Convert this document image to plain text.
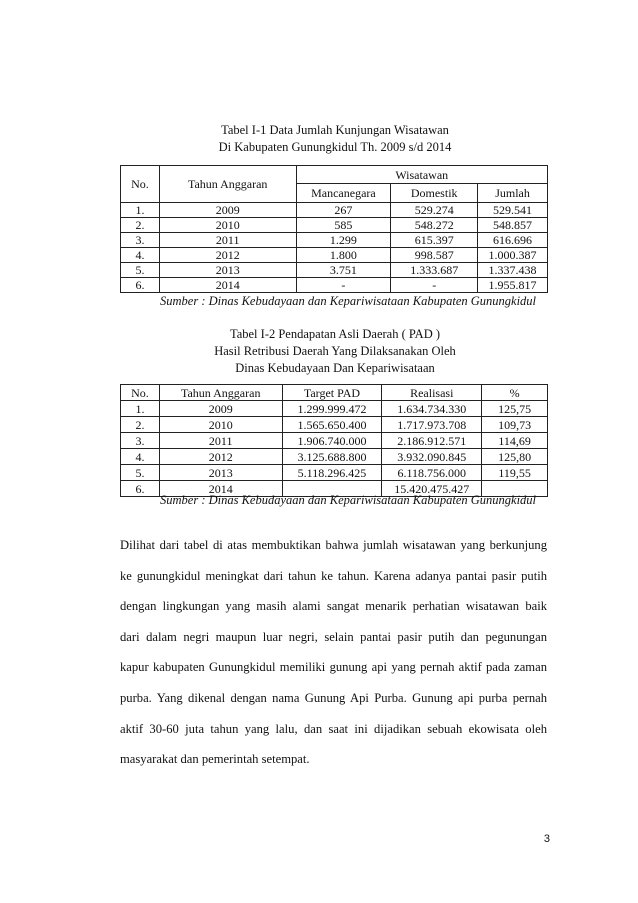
Tabel I-1 Data Jumlah Kunjungan Wisatawan
Di Kabupaten Gunungkidul Th. 2009 s/d 2014
No.	Tahun Anggaran	Wisatawan		
		Mancanegara	Domestik	Jumlah
1.	2009	267	529.274	529.541
2.	2010	585	548.272	548.857
3.	2011	1.299	615.397	616.696
4.	2012	1.800	998.587	1.000.387
5.	2013	3.751	1.333.687	1.337.438
6.	2014	-	-	1.955.817
Sumber : Dinas Kebudayaan dan Kepariwisataan Kabupaten Gunungkidul
Tabel I-2 Pendapatan Asli Daerah ( PAD )
Hasil Retribusi Daerah Yang Dilaksanakan Oleh
Dinas Kebudayaan Dan Kepariwisataan
No.	Tahun Anggaran	Target PAD	Realisasi	%
1.	2009	1.299.999.472	1.634.734.330	125,75
2.	2010	1.565.650.400	1.717.973.708	109,73
3.	2011	1.906.740.000	2.186.912.571	114,69
4.	2012	3.125.688.800	3.932.090.845	125,80
5.	2013	5.118.296.425	6.118.756.000	119,55
6.	2014		15.420.475.427	
Sumber : Dinas Kebudayaan dan Kepariwisataan Kabupaten Gunungkidul
Dilihat dari tabel di atas membuktikan bahwa jumlah wisatawan yang berkunjung
ke gunungkidul meningkat dari tahun ke tahun. Karena adanya pantai pasir putih
dengan lingkungan yang masih alami sangat menarik perhatian wisatawan baik
dari dalam negri maupun luar negri, selain pantai pasir putih dan pegunungan
kapur kabupaten Gunungkidul memiliki gunung api yang pernah aktif pada zaman
purba. Yang dikenal dengan nama Gunung Api Purba. Gunung api purba pernah
aktif 30-60 juta tahun yang lalu, dan saat ini dijadikan sebuah ekowisata oleh
masyarakat dan pemerintah setempat.
3
